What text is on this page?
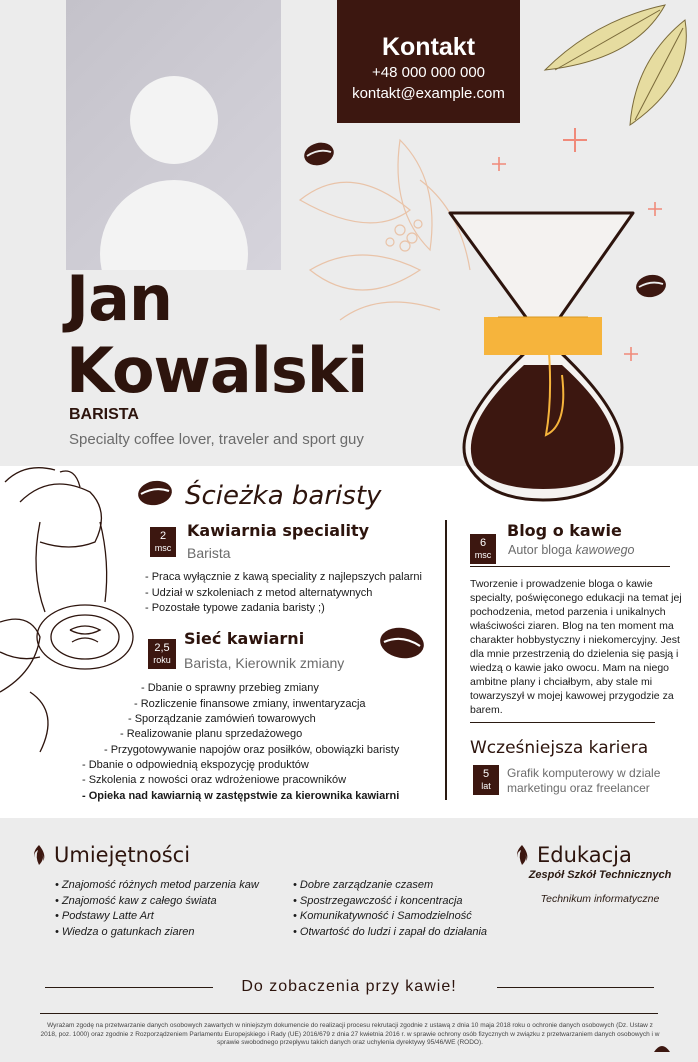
Kontakt
+48 000 000 000
kontakt@example.com
Jan
Kowalski
BARISTA
Specialty coffee lover, traveler and sport guy
Ścieżka baristy
2
msc
Kawiarnia speciality
Barista
- Praca wyłącznie z kawą speciality z najlepszych palarni
- Udział w szkoleniach z metod alternatywnych
- Pozostałe typowe zadania baristy ;)
2,5
roku
Sieć kawiarni
Barista, Kierownik zmiany
- Dbanie o sprawny przebieg zmiany
- Rozliczenie finansowe zmiany, inwentaryzacja
- Sporządzanie zamówień towarowych
- Realizowanie planu sprzedażowego
- Przygotowywanie napojów oraz posiłków, obowiązki baristy
- Dbanie o odpowiednią ekspozycję produktów
- Szkolenia z nowości oraz wdrożeniowe pracowników
- Opieka nad kawiarnią w zastępstwie za kierownika kawiarni
6
msc
Blog o kawie
Autor bloga kawowego
Tworzenie i prowadzenie bloga o kawie specialty, poświęconego edukacji na temat jej pochodzenia, metod parzenia i unikalnych właściwości ziaren. Blog na ten moment ma charakter hobbystyczny i niekomercyjny. Jest dla mnie przestrzenią do dzielenia się pasją i wiedzą o kawie jako owocu. Mam na niego ambitne plany i chciałbym, aby stale mi towarzyszył w mojej kawowej przygodzie za barem.
Wcześniejsza kariera
5
lat
Grafik komputerowy w dziale marketingu oraz freelancer
Umiejętności
• Znajomość różnych metod parzenia kaw
• Znajomość kaw z całego świata
• Podstawy Latte Art
• Wiedza o gatunkach ziaren
• Dobre zarządzanie czasem
• Spostrzegawczość i koncentracja
• Komunikatywność i Samodzielność
• Otwartość do ludzi i zapał do działania
Edukacja
Zespół Szkół Technicznych
Technikum informatyczne
Do zobaczenia przy kawie!
Wyrażam zgodę na przetwarzanie danych osobowych zawartych w niniejszym dokumencie do realizacji procesu rekrutacji zgodnie z ustawą z dnia 10 maja 2018 roku o ochronie danych osobowych (Dz. Ustaw z 2018, poz. 1000) oraz zgodnie z Rozporządzeniem Parlamentu Europejskiego i Rady (UE) 2016/679 z dnia 27 kwietnia 2016 r. w sprawie ochrony osób fizycznych w związku z przetwarzaniem danych osobowych i w sprawie swobodnego przepływu takich danych oraz uchylenia dyrektywy 95/46/WE (RODO).
